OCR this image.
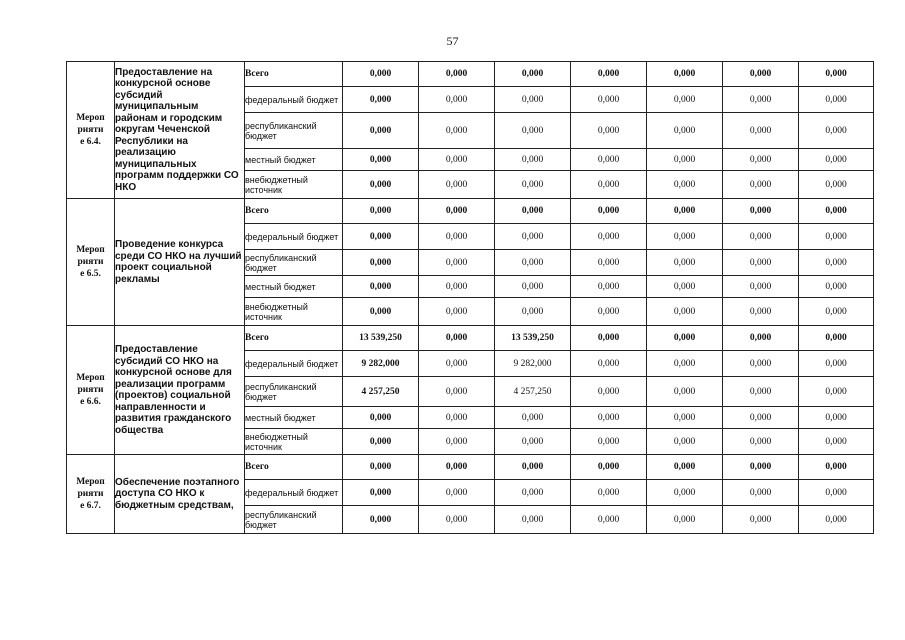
57
Мероп
рияти
е 6.4.	Предоставление на конкурсной основе субсидий муниципальным районам и городским округам Чеченской Республики на реализацию муниципальных программ поддержки СО НКО	Всего	0,000	0,000	0,000	0,000	0,000	0,000	0,000
		федеральный бюджет	0,000	0,000	0,000	0,000	0,000	0,000	0,000
		республиканский бюджет	0,000	0,000	0,000	0,000	0,000	0,000	0,000
		местный бюджет	0,000	0,000	0,000	0,000	0,000	0,000	0,000
		внебюджетный источник	0,000	0,000	0,000	0,000	0,000	0,000	0,000
Мероп
рияти
е 6.5.	Проведение конкурса среди СО НКО на лучший проект социальной рекламы	Всего	0,000	0,000	0,000	0,000	0,000	0,000	0,000
		федеральный бюджет	0,000	0,000	0,000	0,000	0,000	0,000	0,000
		республиканский бюджет	0,000	0,000	0,000	0,000	0,000	0,000	0,000
		местный бюджет	0,000	0,000	0,000	0,000	0,000	0,000	0,000
		внебюджетный источник	0,000	0,000	0,000	0,000	0,000	0,000	0,000
Мероп
рияти
е 6.6.	Предоставление субсидий СО НКО на конкурсной основе для реализации программ (проектов) социальной направленности и развития гражданского общества	Всего	13 539,250	0,000	13 539,250	0,000	0,000	0,000	0,000
		федеральный бюджет	9 282,000	0,000	9 282,000	0,000	0,000	0,000	0,000
		республиканский бюджет	4 257,250	0,000	4 257,250	0,000	0,000	0,000	0,000
		местный бюджет	0,000	0,000	0,000	0,000	0,000	0,000	0,000
		внебюджетный источник	0,000	0,000	0,000	0,000	0,000	0,000	0,000
Мероп
рияти
е 6.7.	Обеспечение поэтапного доступа СО НКО к бюджетным средствам,	Всего	0,000	0,000	0,000	0,000	0,000	0,000	0,000
		федеральный бюджет	0,000	0,000	0,000	0,000	0,000	0,000	0,000
		республиканский бюджет	0,000	0,000	0,000	0,000	0,000	0,000	0,000
